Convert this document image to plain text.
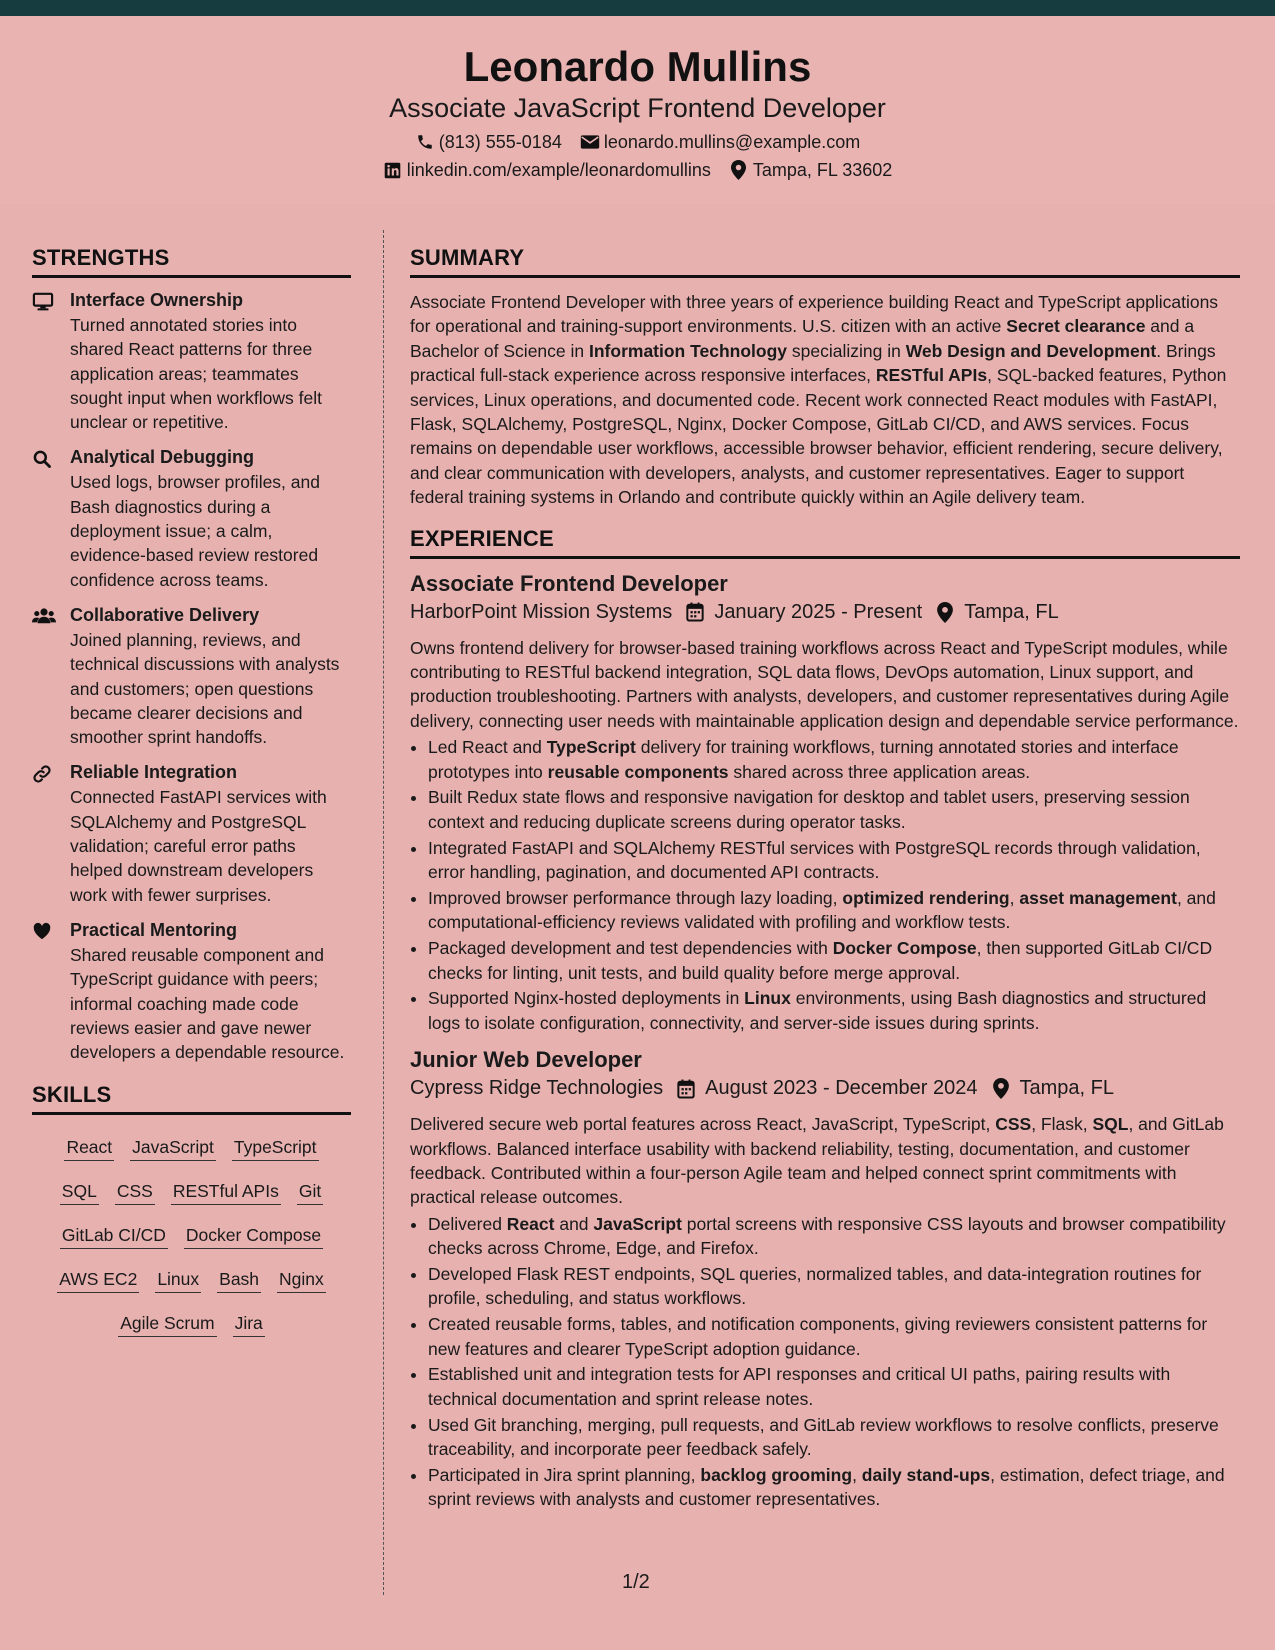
Leonardo Mullins
Associate JavaScript Frontend Developer
(813) 555-0184 leonardo.mullins@example.com
linkedin.com/example/leonardomullins Tampa, FL 33602
STRENGTHS
Interface Ownership
Turned annotated stories into shared React patterns for three application areas; teammates sought input when workflows felt unclear or repetitive.
Analytical Debugging
Used logs, browser profiles, and Bash diagnostics during a deployment issue; a calm, evidence-based review restored confidence across teams.
Collaborative Delivery
Joined planning, reviews, and technical discussions with analysts and customers; open questions became clearer decisions and smoother sprint handoffs.
Reliable Integration
Connected FastAPI services with SQLAlchemy and PostgreSQL validation; careful error paths helped downstream developers work with fewer surprises.
Practical Mentoring
Shared reusable component and TypeScript guidance with peers; informal coaching made code reviews easier and gave newer developers a dependable resource.
SKILLS
React JavaScript TypeScript
SQL CSS RESTful APIs Git
GitLab CI/CD Docker Compose
AWS EC2 Linux Bash Nginx
Agile Scrum Jira
SUMMARY
Associate Frontend Developer with three years of experience building React and TypeScript applications for operational and training-support environments. U.S. citizen with an active Secret clearance and a Bachelor of Science in Information Technology specializing in Web Design and Development. Brings practical full-stack experience across responsive interfaces, RESTful APIs, SQL-backed features, Python services, Linux operations, and documented code. Recent work connected React modules with FastAPI, Flask, SQLAlchemy, PostgreSQL, Nginx, Docker Compose, GitLab CI/CD, and AWS services. Focus remains on dependable user workflows, accessible browser behavior, efficient rendering, secure delivery, and clear communication with developers, analysts, and customer representatives. Eager to support federal training systems in Orlando and contribute quickly within an Agile delivery team.
EXPERIENCE
Associate Frontend Developer
HarborPoint Mission Systems January 2025 - Present Tampa, FL
Owns frontend delivery for browser-based training workflows across React and TypeScript modules, while contributing to RESTful backend integration, SQL data flows, DevOps automation, Linux support, and production troubleshooting. Partners with analysts, developers, and customer representatives during Agile delivery, connecting user needs with maintainable application design and dependable service performance.
• Led React and TypeScript delivery for training workflows, turning annotated stories and interface prototypes into reusable components shared across three application areas.
• Built Redux state flows and responsive navigation for desktop and tablet users, preserving session context and reducing duplicate screens during operator tasks.
• Integrated FastAPI and SQLAlchemy RESTful services with PostgreSQL records through validation, error handling, pagination, and documented API contracts.
• Improved browser performance through lazy loading, optimized rendering, asset management, and computational-efficiency reviews validated with profiling and workflow tests.
• Packaged development and test dependencies with Docker Compose, then supported GitLab CI/CD checks for linting, unit tests, and build quality before merge approval.
• Supported Nginx-hosted deployments in Linux environments, using Bash diagnostics and structured logs to isolate configuration, connectivity, and server-side issues during sprints.
Junior Web Developer
Cypress Ridge Technologies August 2023 - December 2024 Tampa, FL
Delivered secure web portal features across React, JavaScript, TypeScript, CSS, Flask, SQL, and GitLab workflows. Balanced interface usability with backend reliability, testing, documentation, and customer feedback. Contributed within a four-person Agile team and helped connect sprint commitments with practical release outcomes.
• Delivered React and JavaScript portal screens with responsive CSS layouts and browser compatibility checks across Chrome, Edge, and Firefox.
• Developed Flask REST endpoints, SQL queries, normalized tables, and data-integration routines for profile, scheduling, and status workflows.
• Created reusable forms, tables, and notification components, giving reviewers consistent patterns for new features and clearer TypeScript adoption guidance.
• Established unit and integration tests for API responses and critical UI paths, pairing results with technical documentation and sprint release notes.
• Used Git branching, merging, pull requests, and GitLab review workflows to resolve conflicts, preserve traceability, and incorporate peer feedback safely.
• Participated in Jira sprint planning, backlog grooming, daily stand-ups, estimation, defect triage, and sprint reviews with analysts and customer representatives.
1/2
